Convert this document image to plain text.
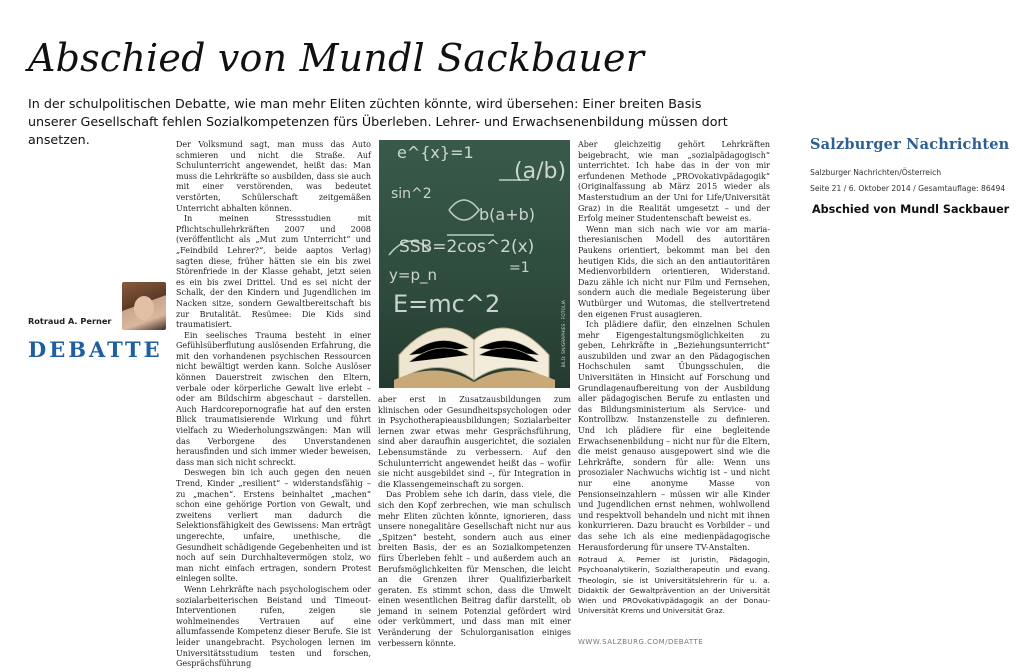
Abschied von Mundl Sackbauer

In der schulpolitischen Debatte, wie man mehr Eliten züchten könnte, wird übersehen: Einer breiten Basis unserer Gesellschaft fehlen Sozialkompetenzen fürs Überleben. Lehrer- und Erwachsenenbildung müssen dort ansetzen.

Rotraud A. Perner
DEBATTE

Der Volksmund sagt, man muss das Auto schmieren und nicht die Straße. Auf Schulunterricht angewendet, heißt das: Man muss die Lehrkräfte so ausbilden, dass sie auch mit einer verstörenden, was bedeutet verstörten, Schülerschaft zeitgemäßen Unterricht abhalten können.

In meinen Stressstudien mit Pflichtschullehrkräften 2007 und 2008 (veröffentlicht als „Mut zum Unterricht“ und „Feindbild Lehrer?“, beide aaptos Verlag) sagten diese, früher hätten sie ein bis zwei Störenfriede in der Klasse gehabt, jetzt seien es ein bis zwei Drittel. Und es sei nicht der Schalk, der den Kindern und Jugendlichen im Nacken sitze, sondern Gewaltbereitschaft bis zur Brutalität. Resümee: Die Kids sind traumatisiert.

Ein seelisches Trauma besteht in einer Gefühlsüberflutung auslösenden Erfahrung, die mit den vorhandenen psychischen Ressourcen nicht bewältigt werden kann. Solche Auslöser können Dauerstreit zwischen den Eltern, verbale oder körperliche Gewalt live erlebt – oder am Bildschirm abgeschaut – darstellen. Auch Hardcorepornografie hat auf den ersten Blick traumatisierende Wirkung und führt vielfach zu Wiederholungszwängen: Man will das Verborgene des Unverstandenen herausfinden und sich immer wieder beweisen, dass man sich nicht schreckt.

Deswegen bin ich auch gegen den neuen Trend, Kinder „resilient“ – widerstandsfähig – zu „machen“. Erstens beinhaltet „machen“ schon eine gehörige Portion von Gewalt, und zweitens verliert man dadurch die Selektionsfähigkeit des Gewissens: Man erträgt ungerechte, unfaire, unethische, die Gesundheit schädigende Gegebenheiten und ist noch auf sein Durchhaltevermögen stolz, wo man nicht einfach ertragen, sondern Protest einlegen sollte.

Wenn Lehrkräfte nach psychologischem oder sozialarbeiterischen Beistand und Timeout-Interventionen rufen, zeigen sie wohlmeinendes Vertrauen auf eine allumfassende Kompetenz dieser Berufe. Sie ist leider unangebracht. Psychologen lernen im Universitätsstudium testen und forschen, Gesprächsführung

e^{x}=1
(a/b)
sin^2
b(a+b)
SSB=2cos^2(x)
y=p_n
E=mc^2
=1
BILD: SN/GRAPHIES · FOTOLIA

aber erst in Zusatzausbildungen zum klinischen oder Gesundheitspsychologen oder in Psychotherapieausbildungen; Sozialarbeiter lernen zwar etwas mehr Gesprächsführung, sind aber daraufhin ausgerichtet, die sozialen Lebensumstände zu verbessern. Auf den Schulunterricht angewendet heißt das – wofür sie nicht ausgebildet sind –, für Integration in die Klassengemeinschaft zu sorgen.

Das Problem sehe ich darin, dass viele, die sich den Kopf zerbrechen, wie man schulisch mehr Eliten züchten könnte, ignorieren, dass unsere nonegalitäre Gesellschaft nicht nur aus „Spitzen“ besteht, sondern auch aus einer breiten Basis, der es an Sozialkompetenzen fürs Überleben fehlt – und außerdem auch an Berufsmöglichkeiten für Menschen, die leicht an die Grenzen ihrer Qualifizierbarkeit geraten. Es stimmt schon, dass die Umwelt einen wesentlichen Beitrag dafür darstellt, ob jemand in seinem Potenzial gefördert wird oder verkümmert, und dass man mit einer Veränderung der Schulorganisation einiges verbessern könnte.

Aber gleichzeitig gehört Lehrkräften beigebracht, wie man „sozialpädagogisch“ unterrichtet. Ich habe das in der von mir erfundenen Methode „PROvokativpädagogik“ (Originalfassung ab März 2015 wieder als Masterstudium an der Uni for Life/Universität Graz) in die Realität umgesetzt – und der Erfolg meiner Studentenschaft beweist es.

Wenn man sich nach wie vor am maria-theresianischen Modell des autoritären Paukens orientiert, bekommt man bei den heutigen Kids, die sich an den antiautoritären Medienvorbildern orientieren, Widerstand. Dazu zähle ich nicht nur Film und Fernsehen, sondern auch die mediale Begeisterung über Wutbürger und Wutomas, die stellvertretend den eigenen Frust ausagieren.

Ich plädiere dafür, den einzelnen Schulen mehr Eigengestaltungsmöglichkeiten zu geben, Lehrkräfte in „Beziehungsunterricht“ auszubilden und zwar an den Pädagogischen Hochschulen samt Übungsschulen, die Universitäten in Hinsicht auf Forschung und Grundlagenaufbereitung von der Ausbildung aller pädagogischen Berufe zu entlasten und das Bildungsministerium als Service- und Kontrollbzw. Instanzenstelle zu definieren. Und ich plädiere für eine begleitende Erwachsenenbildung – nicht nur für die Eltern, die meist genauso ausgepowert sind wie die Lehrkräfte, sondern für alle: Wenn uns prosozialer Nachwuchs wichtig ist – und nicht nur eine anonyme Masse von Pensionseinzahlern – müssen wir alle Kinder und Jugendlichen ernst nehmen, wohlwollend und respektvoll behandeln und nicht mit ihnen konkurrieren. Dazu braucht es Vorbilder – und das sehe ich als eine medienpädagogische Herausforderung für unsere TV-Anstalten.

Rotraud A. Perner ist Juristin, Pädagogin, Psychoanalytikerin, Sozialtherapeutin und evang. Theologin, sie ist Universitätslehrerin für u. a. Didaktik der Gewaltprävention an der Universität Wien und PROvokativpädagogik an der Donau-Universität Krems und Universität Graz.

WWW.SALZBURG.COM/DEBATTE
Salzburger Nachrichten
Salzburger Nachrichten/Österreich
Seite 21 / 6. Oktober 2014 / Gesamtauflage: 86494
Abschied von Mundl Sackbauer
